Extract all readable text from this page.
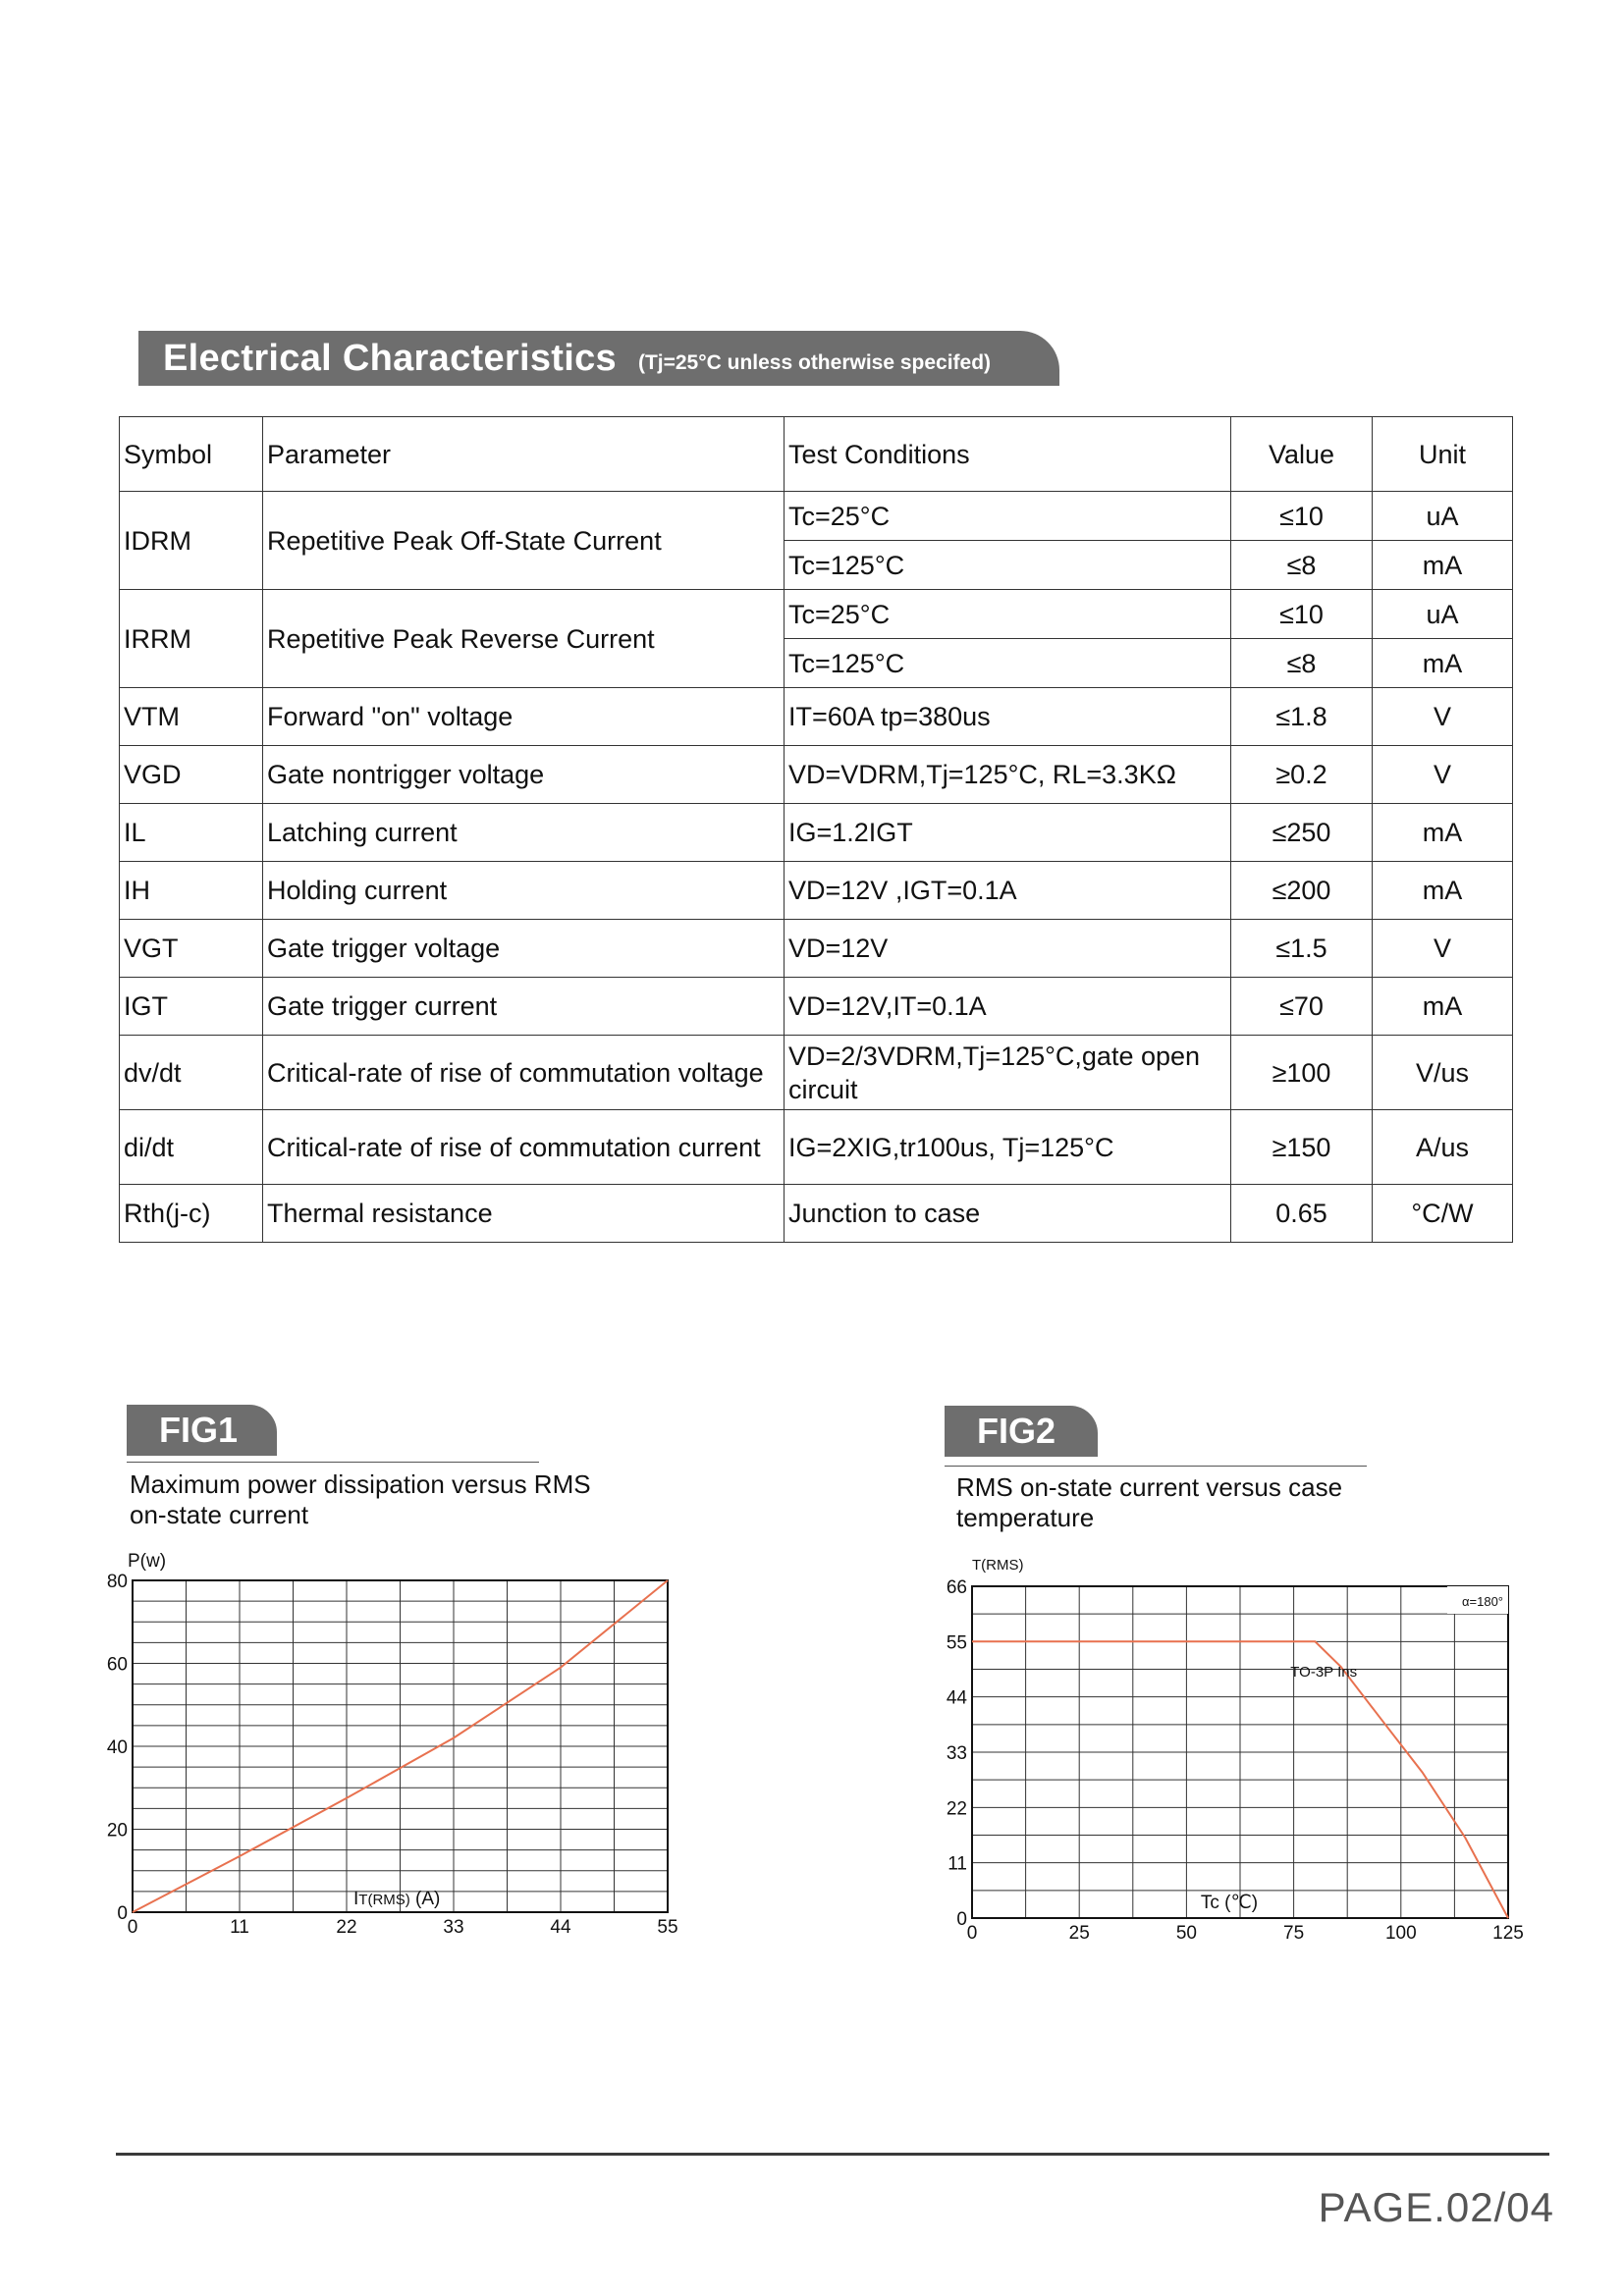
Electrical Characteristics (Tj=25°C unless otherwise specifed)
Symbol	Parameter	Test Conditions	Value	Unit
IDRM	Repetitive Peak Off-State Current	Tc=25°C	≤10	uA
		Tc=125°C	≤8	mA
IRRM	Repetitive Peak Reverse Current	Tc=25°C	≤10	uA
		Tc=125°C	≤8	mA
VTM	Forward "on" voltage	IT=60A tp=380us	≤1.8	V
VGD	Gate nontrigger voltage	VD=VDRM,Tj=125°C, RL=3.3KΩ	≥0.2	V
IL	Latching current	IG=1.2IGT	≤250	mA
IH	Holding current	VD=12V ,IGT=0.1A	≤200	mA
VGT	Gate trigger voltage	VD=12V	≤1.5	V
IGT	Gate trigger current	VD=12V,IT=0.1A	≤70	mA
dv/dt	Critical-rate of rise of commutation voltage	VD=2/3VDRM,Tj=125°C,gate open circuit	≥100	V/us
di/dt	Critical-rate of rise of commutation current	IG=2XIG,tr100us, Tj=125°C	≥150	A/us
Rth(j-c)	Thermal resistance	Junction to case	0.65	°C/W
FIG1
Maximum power dissipation versus RMS
on-state current
0	11	22	33	44	55
0
20
40
60
80
P(w)
IT(RMS) (A)
FIG2
RMS on-state current versus case
temperature
0	25	50	75	100	125
0
11
22
33
44
55
66
T(RMS)
Tc (℃)
α=180°
TO-3P Ins
PAGE.02/04
